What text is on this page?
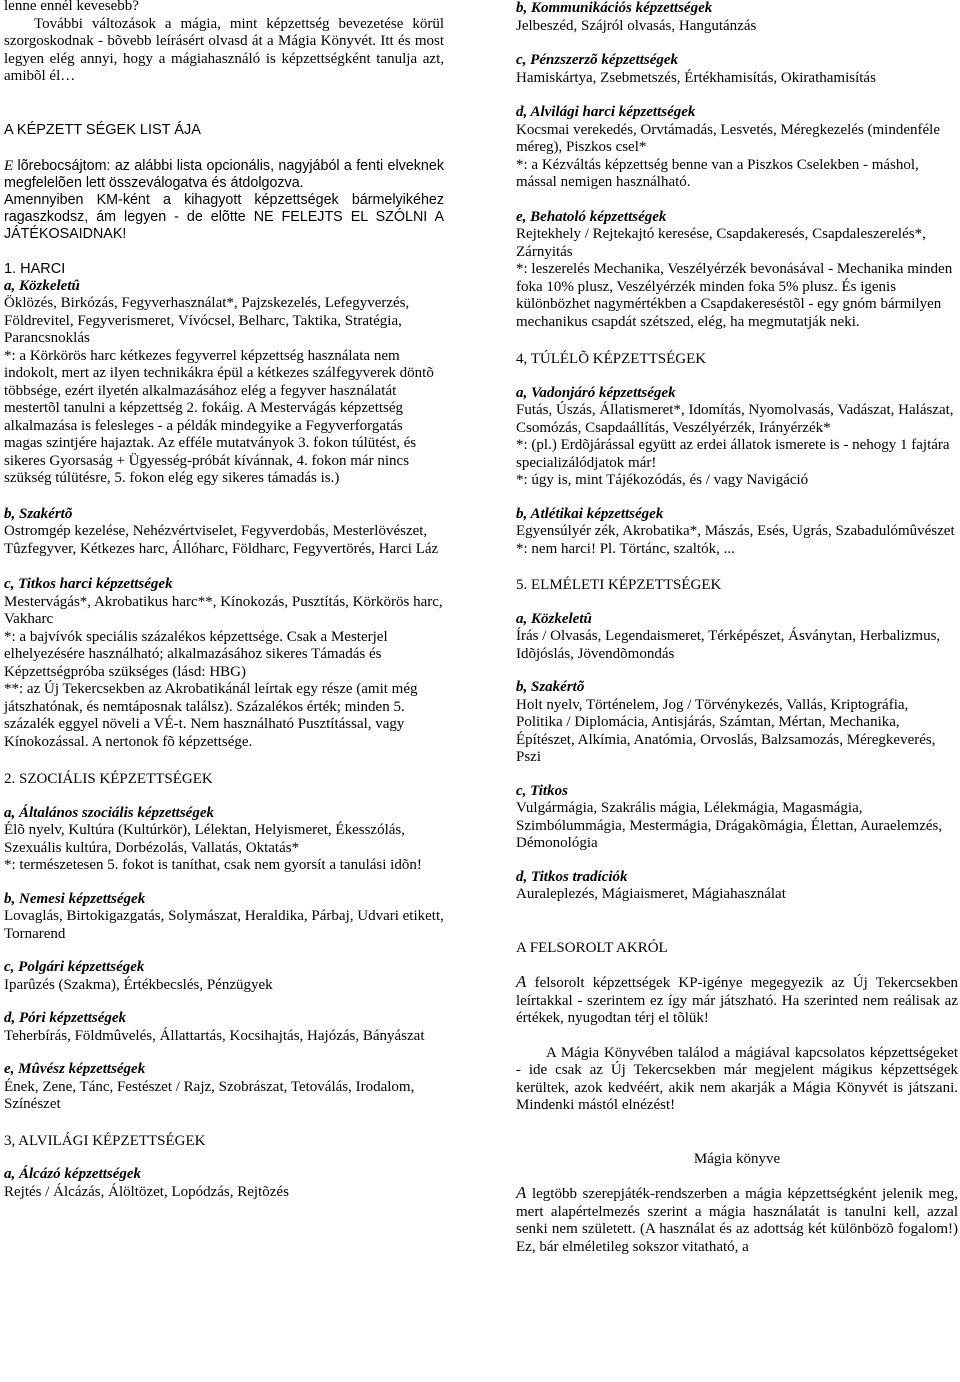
lenne ennél kevesebb?

További változások a mágia, mint képzettség bevezetése körül szorgoskodnak - bõvebb leírásért olvasd át a Mágia Könyvét. Itt és most legyen elég annyi, hogy a mágiahasználó is képzettségként tanulja azt, amibõl él…

A KÉPZETT SÉGEK LIST ÁJA

E lõrebocsájtom: az alábbi lista opcionális, nagyjából a fenti elveknek megfelelõen lett összeválogatva és átdolgozva.

Amennyiben KM-ként a kihagyott képzettségek bármelyikéhez ragaszkodsz, ám legyen - de elõtte NE FELEJTS EL SZÓLNI A JÁTÉKOSAIDNAK!

1. HARCI

a, Közkeletû

Öklözés, Birkózás, Fegyverhasználat*, Pajzskezelés, Lefegyverzés, Földrevitel, Fegyverismeret, Vívócsel, Belharc, Taktika, Stratégia, Parancsnoklás

*: a Körkörös harc kétkezes fegyverrel képzettség használata nem indokolt, mert az ilyen technikákra épül a kétkezes szálfegyverek döntõ többsége, ezért ilyetén alkalmazásához elég a fegyver használatát mestertõl tanulni a képzettség 2. fokáig. A Mestervágás képzettség alkalmazása is felesleges - a példák mindegyike a Fegyverforgatás magas szintjére hajaztak. Az efféle mutatványok 3. fokon túlütést, és sikeres Gyorsaság + Ügyesség-próbát kívánnak, 4. fokon már nincs szükség túlütésre, 5. fokon elég egy sikeres támadás is.)

b, Szakértõ

Ostromgép kezelése, Nehézvértviselet, Fegyverdobás, Mesterlövészet, Tûzfegyver, Kétkezes harc, Állóharc, Földharc, Fegyvertörés, Harci Láz

c, Titkos harci képzettségek

Mestervágás*, Akrobatikus harc**, Kínokozás, Pusztítás, Körkörös harc, Vakharc

*: a bajvívók speciális százalékos képzettsége. Csak a Mesterjel elhelyezésére használható; alkalmazásához sikeres Támadás és Képzettségpróba szükséges (lásd: HBG)

**: az Új Tekercsekben az Akrobatikánál leírtak egy része (amit még játszhatónak, és nemtáposnak találsz). Százalékos érték; minden 5. százalék eggyel növeli a VÉ-t. Nem használható Pusztítással, vagy Kínokozással. A nertonok fõ képzettsége.

2. SZOCIÁLIS KÉPZETTSÉGEK

a, Általános szociális képzettségek

Élõ nyelv, Kultúra (Kultúrkör), Lélektan, Helyismeret, Ékesszólás, Szexuális kultúra, Dorbézolás, Vallatás, Oktatás*

*: természetesen 5. fokot is taníthat, csak nem gyorsít a tanulási idõn!

b, Nemesi képzettségek

Lovaglás, Birtokigazgatás, Solymászat, Heraldika, Párbaj, Udvari etikett, Tornarend

c, Polgári képzettségek

Iparûzés (Szakma), Értékbecslés, Pénzügyek

d, Póri képzettségek

Teherbírás, Földmûvelés, Állattartás, Kocsihajtás, Hajózás, Bányászat

e, Mûvész képzettségek

Ének, Zene, Tánc, Festészet / Rajz, Szobrászat, Tetoválás, Irodalom, Színészet

3, ALVILÁGI KÉPZETTSÉGEK

a, Álcázó képzettségek

Rejtés / Álcázás, Álöltözet, Lopódzás, Rejtõzés

b, Kommunikációs képzettségek

Jelbeszéd, Szájról olvasás, Hangutánzás

c, Pénzszerzõ képzettségek

Hamiskártya, Zsebmetszés, Értékhamisítás, Okirathamisítás

d, Alvilági harci képzettségek

Kocsmai verekedés, Orvtámadás, Lesvetés, Méregkezelés (mindenféle méreg), Piszkos csel*

*: a Kézváltás képzettség benne van a Piszkos Cselekben - máshol, mással nemigen használható.

e, Behatoló képzettségek

Rejtekhely / Rejtekajtó keresése, Csapdakeresés, Csapdaleszerelés*, Zárnyitás

*: leszerelés Mechanika, Veszélyérzék bevonásával - Mechanika minden foka 10% plusz, Veszélyérzék minden foka 5% plusz. És igenis különbözhet nagymértékben a Csapdakereséstõl - egy gnóm bármilyen mechanikus csapdát szétszed, elég, ha megmutatják neki.

4, TÚLÉLÕ KÉPZETTSÉGEK

a, Vadonjáró képzettségek

Futás, Úszás, Állatismeret*, Idomítás, Nyomolvasás, Vadászat, Halászat, Csomózás, Csapdaállítás, Veszélyérzék, Irányérzék*

*: (pl.) Erdõjárással együtt az erdei állatok ismerete is - nehogy 1 fajtára specializálódjatok már!

*: úgy is, mint Tájékozódás, és / vagy Navigáció

b, Atlétikai képzettségek

Egyensúlyér zék, Akrobatika*, Mászás, Esés, Ugrás, Szabadulómûvészet

*: nem harci! Pl. Törtánc, szaltók, ...

5. ELMÉLETI KÉPZETTSÉGEK

a, Közkeletû

Írás / Olvasás, Legendaismeret, Térképészet, Ásványtan, Herbalizmus, Idõjóslás, Jövendõmondás

b, Szakértõ

Holt nyelv, Történelem, Jog / Törvénykezés, Vallás, Kriptográfia, Politika / Diplomácia, Antisjárás, Számtan, Mértan, Mechanika, Építészet, Alkímia, Anatómia, Orvoslás, Balzsamozás, Méregkeverés, Pszi

c, Titkos

Vulgármágia, Szakrális mágia, Lélekmágia, Magasmágia, Szimbólummágia, Mestermágia, Drágakõmágia, Élettan, Auraelemzés, Démonológia

d, Titkos tradíciók

Auraleplezés, Mágiaismeret, Mágiahasználat

A FELSOROLT AKRÓL

A felsorolt képzettségek KP-igénye megegyezik az Új Tekercsekben leírtakkal - szerintem ez így már játszható. Ha szerinted nem reálisak az értékek, nyugodtan térj el tõlük!

A Mágia Könyvében találod a mágiával kapcsolatos képzettségeket - ide csak az Új Tekercsekben már megjelent mágikus képzettségek kerültek, azok kedvéért, akik nem akarják a Mágia Könyvét is játszani. Mindenki mástól elnézést!

Mágia könyve

A legtöbb szerepjáték-rendszerben a mágia képzettségként jelenik meg, mert alapértelmezés szerint a mágia használatát is tanulni kell, azzal senki nem született. (A használat és az adottság két különbözõ fogalom!) Ez, bár elméletileg sokszor vitatható, a
